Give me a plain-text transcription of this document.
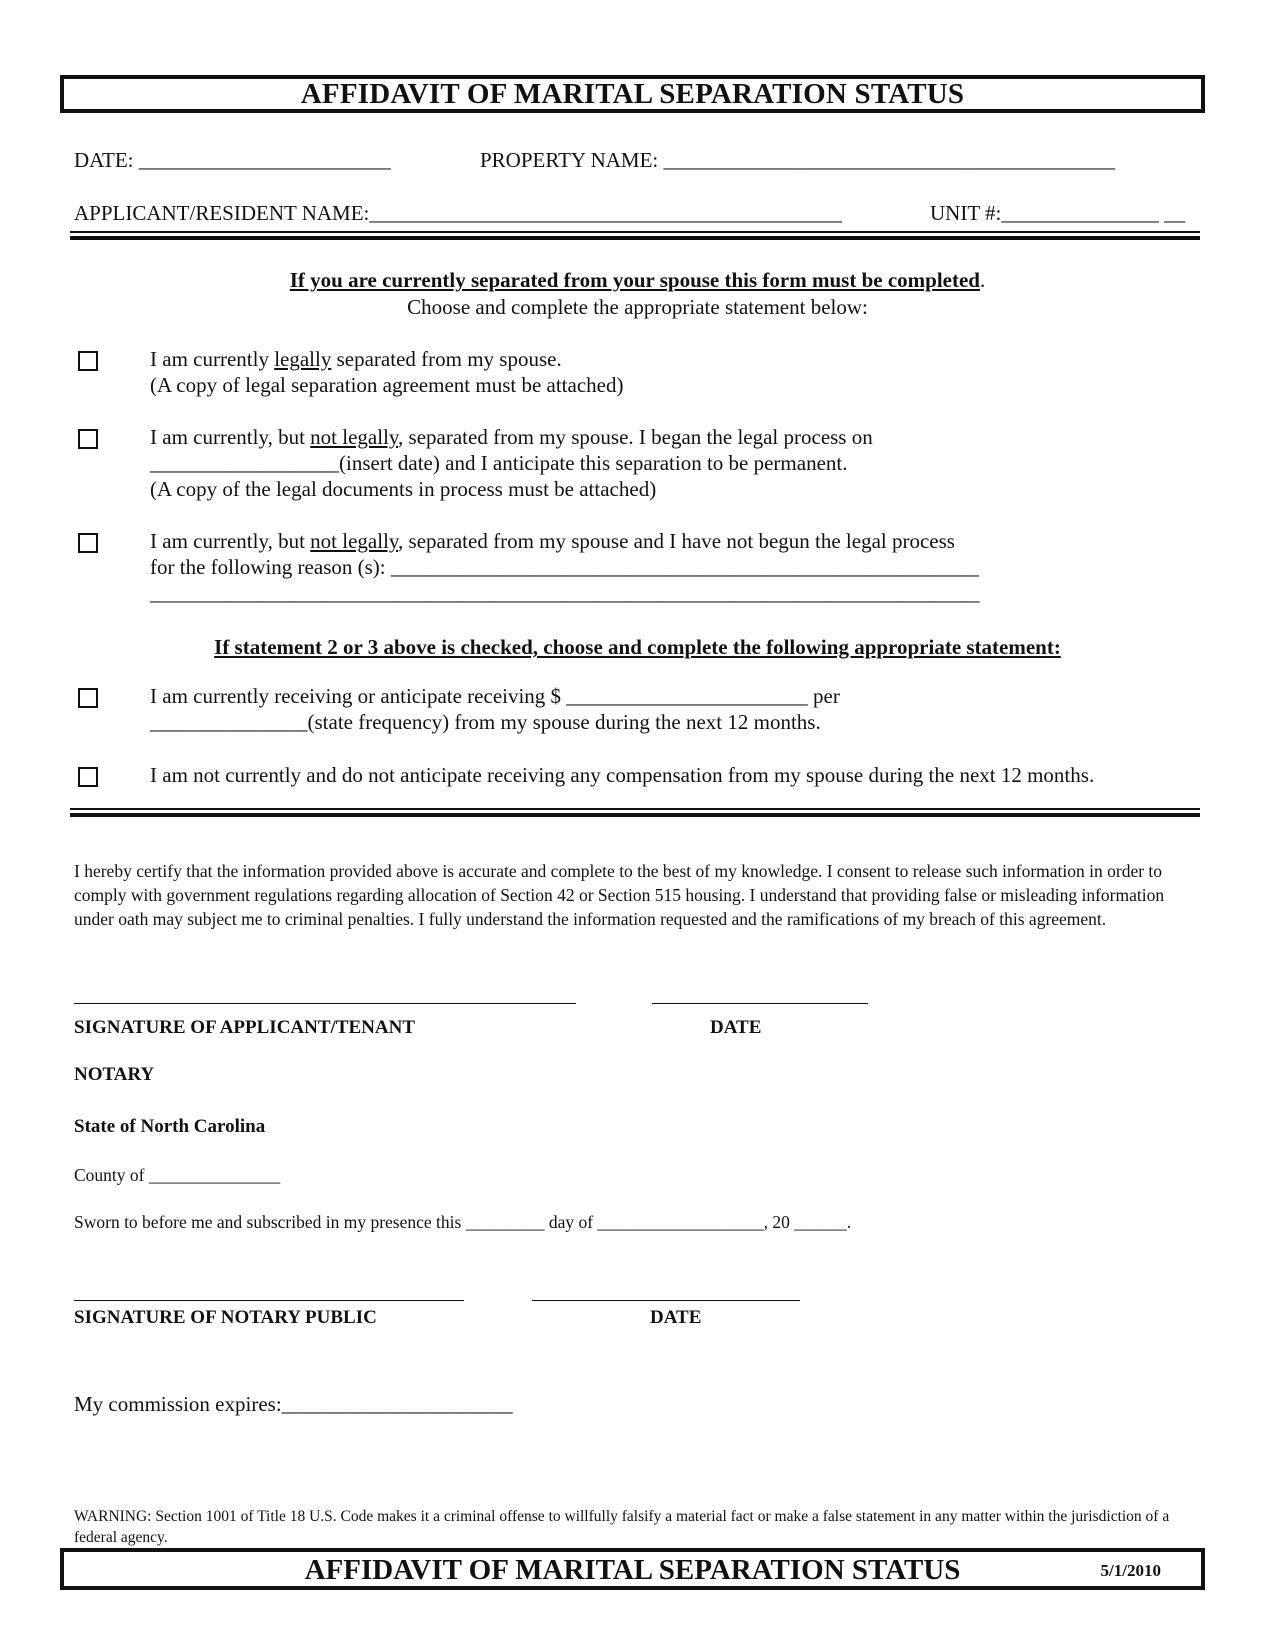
AFFIDAVIT OF MARITAL SEPARATION STATUS
DATE: ________________________	PROPERTY NAME: ___________________________________________
APPLICANT/RESIDENT NAME:_____________________________________________	UNIT #:_______________ __
If you are currently separated from your spouse this form must be completed.
Choose and complete the appropriate statement below:
I am currently legally separated from my spouse.
(A copy of legal separation agreement must be attached)
I am currently, but not legally, separated from my spouse. I began the legal process on
__________________(insert date) and I anticipate this separation to be permanent.
(A copy of the legal documents in process must be attached)
I am currently, but not legally, separated from my spouse and I have not begun the legal process
for the following reason (s): ________________________________________________________
_______________________________________________________________________________
If statement 2 or 3 above is checked, choose and complete the following appropriate statement:
I am currently receiving or anticipate receiving $ _______________________ per
_______________(state frequency) from my spouse during the next 12 months.
I am not currently and do not anticipate receiving any compensation from my spouse during the next 12 months.
I hereby certify that the information provided above is accurate and complete to the best of my knowledge. I consent to release such information in order to comply with government regulations regarding allocation of Section 42 or Section 515 housing. I understand that providing false or misleading information under oath may subject me to criminal penalties. I fully understand the information requested and the ramifications of my breach of this agreement.
SIGNATURE OF APPLICANT/TENANT	DATE
NOTARY
State of North Carolina
County of _______________
Sworn to before me and subscribed in my presence this _________ day of ___________________, 20 ______.
SIGNATURE OF NOTARY PUBLIC	DATE
My commission expires:______________________
WARNING: Section 1001 of Title 18 U.S. Code makes it a criminal offense to willfully falsify a material fact or make a false statement in any matter within the jurisdiction of a federal agency.
AFFIDAVIT OF MARITAL SEPARATION STATUS	5/1/2010
